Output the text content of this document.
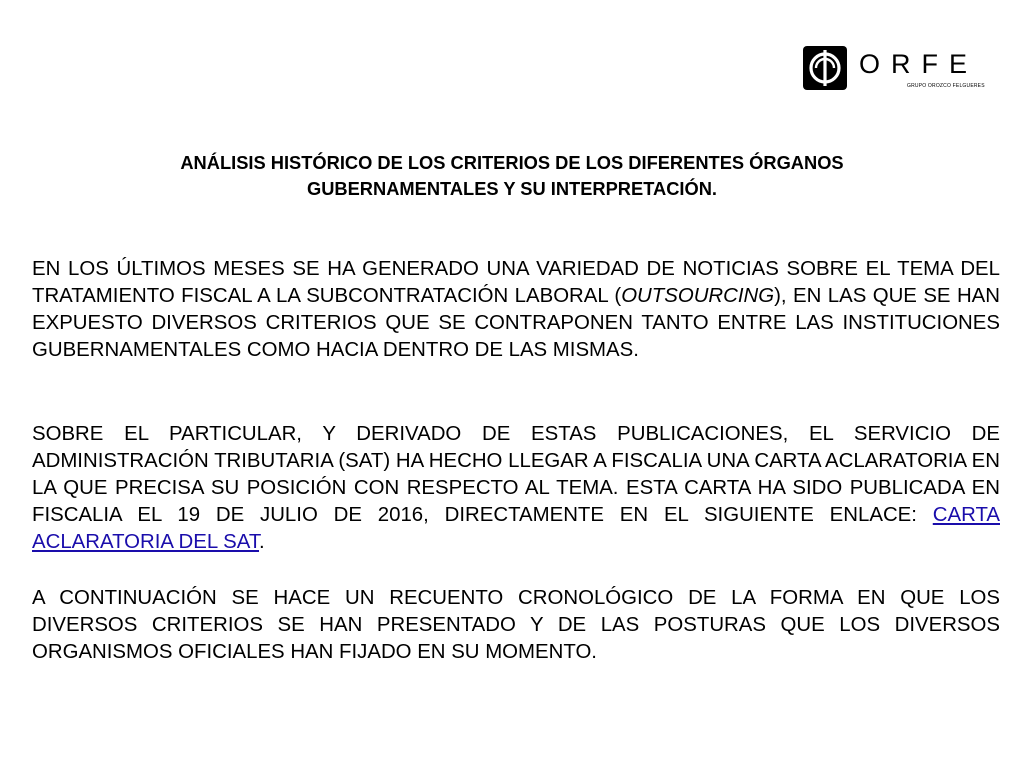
ORFE
GRUPO OROZCO FELGUERES
ANÁLISIS HISTÓRICO DE LOS CRITERIOS DE LOS DIFERENTES ÓRGANOS
GUBERNAMENTALES Y SU INTERPRETACIÓN.

EN LOS ÚLTIMOS MESES SE HA GENERADO UNA VARIEDAD DE NOTICIAS SOBRE EL TEMA DEL TRATAMIENTO FISCAL A LA SUBCONTRATACIÓN LABORAL (OUTSOURCING), EN LAS QUE SE HAN EXPUESTO DIVERSOS CRITERIOS QUE SE CONTRAPONEN TANTO ENTRE LAS INSTITUCIONES GUBERNAMENTALES COMO HACIA DENTRO DE LAS MISMAS.

SOBRE EL PARTICULAR, Y DERIVADO DE ESTAS PUBLICACIONES, EL SERVICIO DE ADMINISTRACIÓN TRIBUTARIA (SAT) HA HECHO LLEGAR A FISCALIA UNA CARTA ACLARATORIA EN LA QUE PRECISA SU POSICIÓN CON RESPECTO AL TEMA. ESTA CARTA HA SIDO PUBLICADA EN FISCALIA EL 19 DE JULIO DE 2016, DIRECTAMENTE EN EL SIGUIENTE ENLACE: CARTA ACLARATORIA DEL SAT.

A CONTINUACIÓN SE HACE UN RECUENTO CRONOLÓGICO DE LA FORMA EN QUE LOS DIVERSOS CRITERIOS SE HAN PRESENTADO Y DE LAS POSTURAS QUE LOS DIVERSOS ORGANISMOS OFICIALES HAN FIJADO EN SU MOMENTO.
